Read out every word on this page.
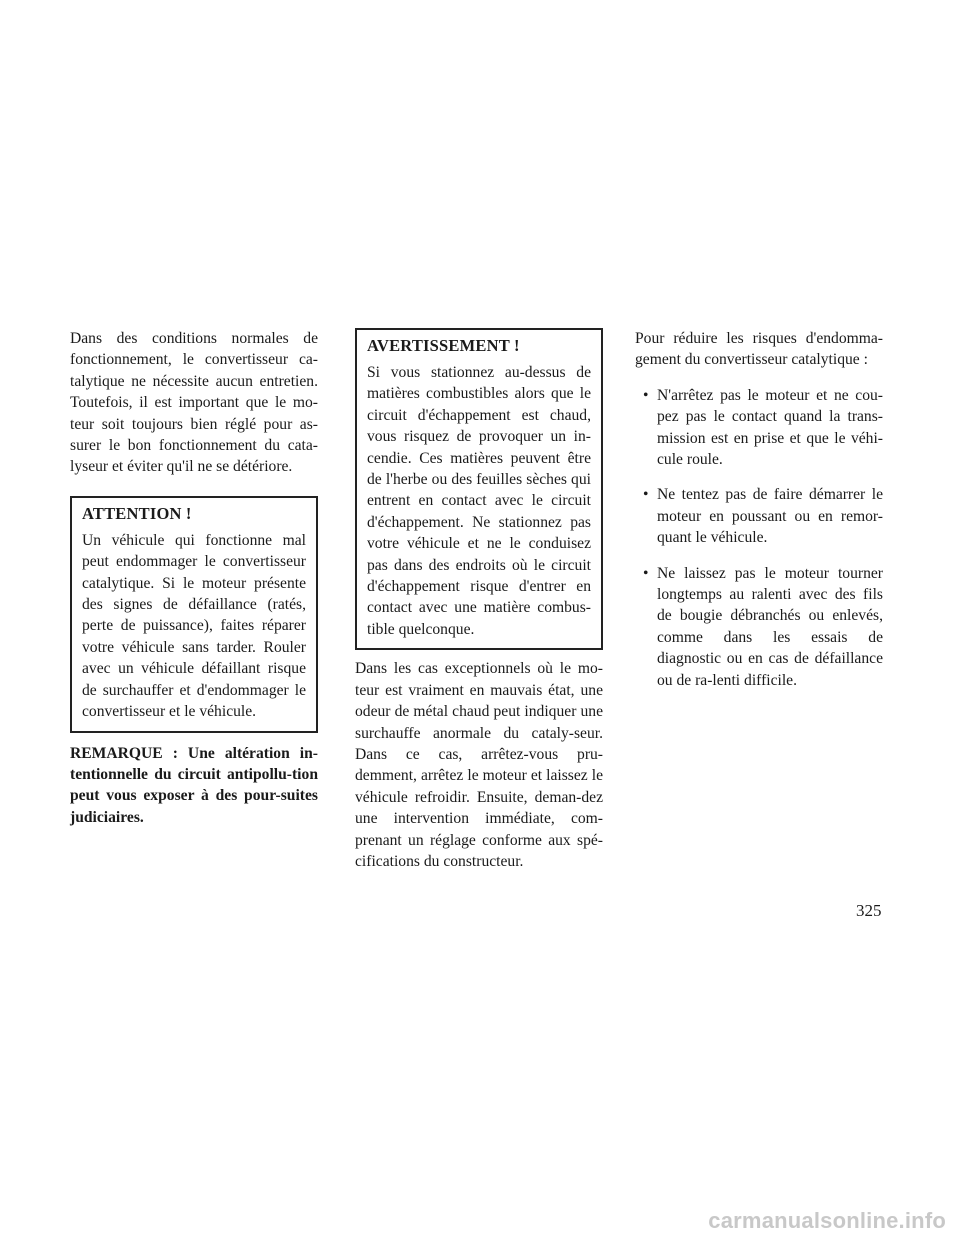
Dans des conditions normales de fonctionnement, le convertisseur ca-talytique ne nécessite aucun entretien. Toutefois, il est important que le mo-teur soit toujours bien réglé pour as-surer le bon fonctionnement du cata-lyseur et éviter qu'il ne se détériore.

ATTENTION !

Un véhicule qui fonctionne mal peut endommager le convertisseur catalytique. Si le moteur présente des signes de défaillance (ratés, perte de puissance), faites réparer votre véhicule sans tarder. Rouler avec un véhicule défaillant risque de surchauffer et d'endommager le convertisseur et le véhicule.

REMARQUE : Une altération in-tentionnelle du circuit antipollu-tion peut vous exposer à des pour-suites judiciaires.

AVERTISSEMENT !

Si vous stationnez au-dessus de matières combustibles alors que le circuit d'échappement est chaud, vous risquez de provoquer un in-cendie. Ces matières peuvent être de l'herbe ou des feuilles sèches qui entrent en contact avec le circuit d'échappement. Ne stationnez pas votre véhicule et ne le conduisez pas dans des endroits où le circuit d'échappement risque d'entrer en contact avec une matière combus-tible quelconque.

Dans les cas exceptionnels où le mo-teur est vraiment en mauvais état, une odeur de métal chaud peut indiquer une surchauffe anormale du cataly-seur. Dans ce cas, arrêtez-vous pru-demment, arrêtez le moteur et laissez le véhicule refroidir. Ensuite, deman-dez une intervention immédiate, com-prenant un réglage conforme aux spé-cifications du constructeur.

Pour réduire les risques d'endomma-gement du convertisseur catalytique :

• N'arrêtez pas le moteur et ne cou-pez pas le contact quand la trans-mission est en prise et que le véhi-cule roule.
• Ne tentez pas de faire démarrer le moteur en poussant ou en remor-quant le véhicule.
• Ne laissez pas le moteur tourner longtemps au ralenti avec des fils de bougie débranchés ou enlevés, comme dans les essais de diagnostic ou en cas de défaillance ou de ra-lenti difficile.
325
carmanualsonline.info
